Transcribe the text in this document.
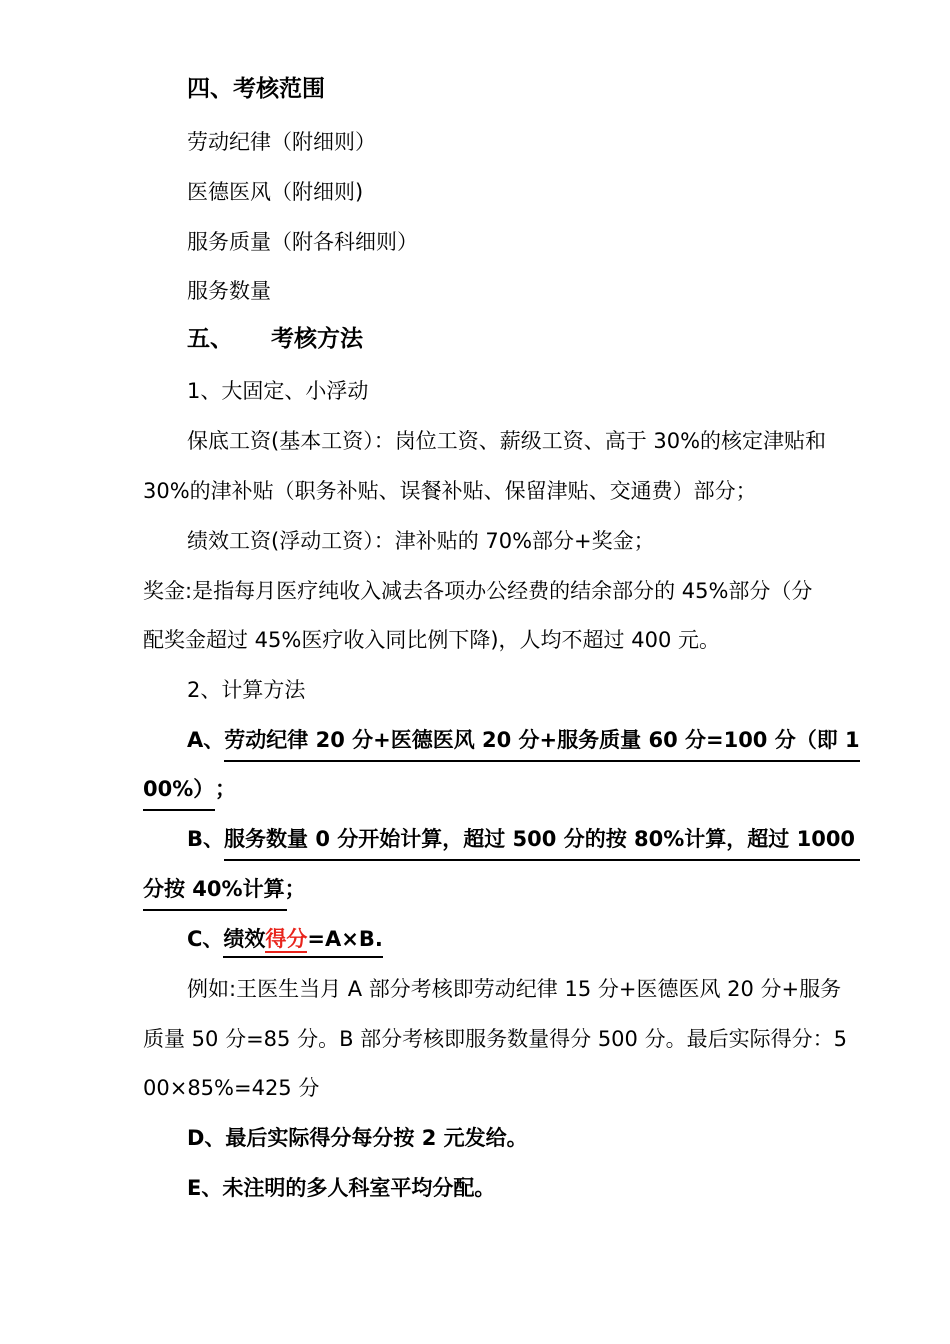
四、考核范围
劳动纪律（附细则）
医德医风（附细则)
服务质量（附各科细则）
服务数量
五、 考核方法
1、大固定、小浮动
保底工资(基本工资）：岗位工资、薪级工资、高于 30%的核定津贴和
30%的津补贴（职务补贴、误餐补贴、保留津贴、交通费）部分；
绩效工资(浮动工资）：津补贴的 70%部分+奖金；
奖金:是指每月医疗纯收入减去各项办公经费的结余部分的 45%部分（分
配奖金超过 45%医疗收入同比例下降)，人均不超过 400 元。
2、计算方法
A、劳动纪律 20 分+医德医风 20 分+服务质量 60 分=100 分（即 1
00%）；
B、服务数量 0 分开始计算，超过 500 分的按 80%计算，超过 1000
分按 40%计算；
C、绩效得分=A×B.
例如:王医生当月 A 部分考核即劳动纪律 15 分+医德医风 20 分+服务
质量 50 分=85 分。B 部分考核即服务数量得分 500 分。最后实际得分：5
00×85%=425 分
D、最后实际得分每分按 2 元发给。
E、未注明的多人科室平均分配。
